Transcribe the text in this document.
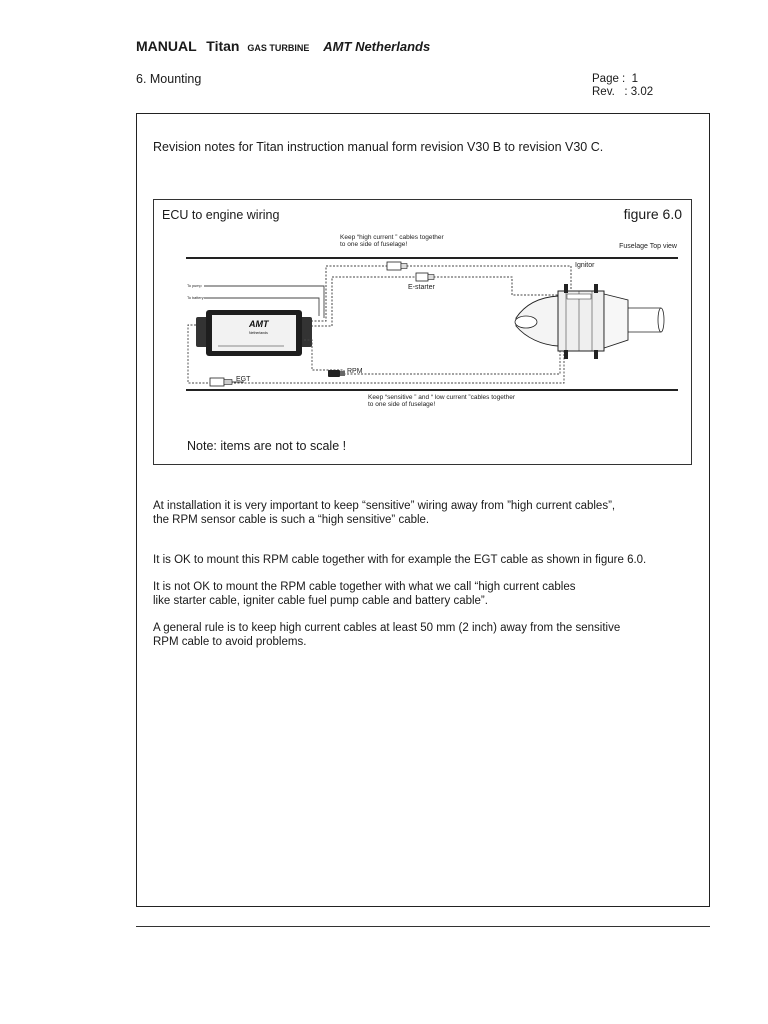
MANUAL Titan GAS TURBINE AMT Netherlands
6. Mounting	Page :  1
Rev.   : 3.02
Revision notes for Titan instruction manual form revision V30 B to revision V30 C.
ECU to engine wiring	figure 6.0
Keep “high current ” cables together
to one side of fuselage!	Fuselage Top view
Ignitor
E-starter
To pump
To battery
AMT
Netherlands
RPM
EGT
Keep “sensitive ” and “ low current ”cables together
to one side of fuselage!
Note: items are not to scale !
At installation it is very important to keep “sensitive” wiring away from ”high current cables”,
the RPM sensor cable is such a “high sensitive” cable.
It is OK to mount this RPM cable together with for example the EGT cable as shown in figure 6.0.
It is not OK to mount the RPM cable together with what we call “high current cables
like starter cable, igniter cable fuel pump cable and battery cable”.
A general rule is to keep high current cables at least 50 mm (2 inch) away from the sensitive
RPM cable to avoid problems.
